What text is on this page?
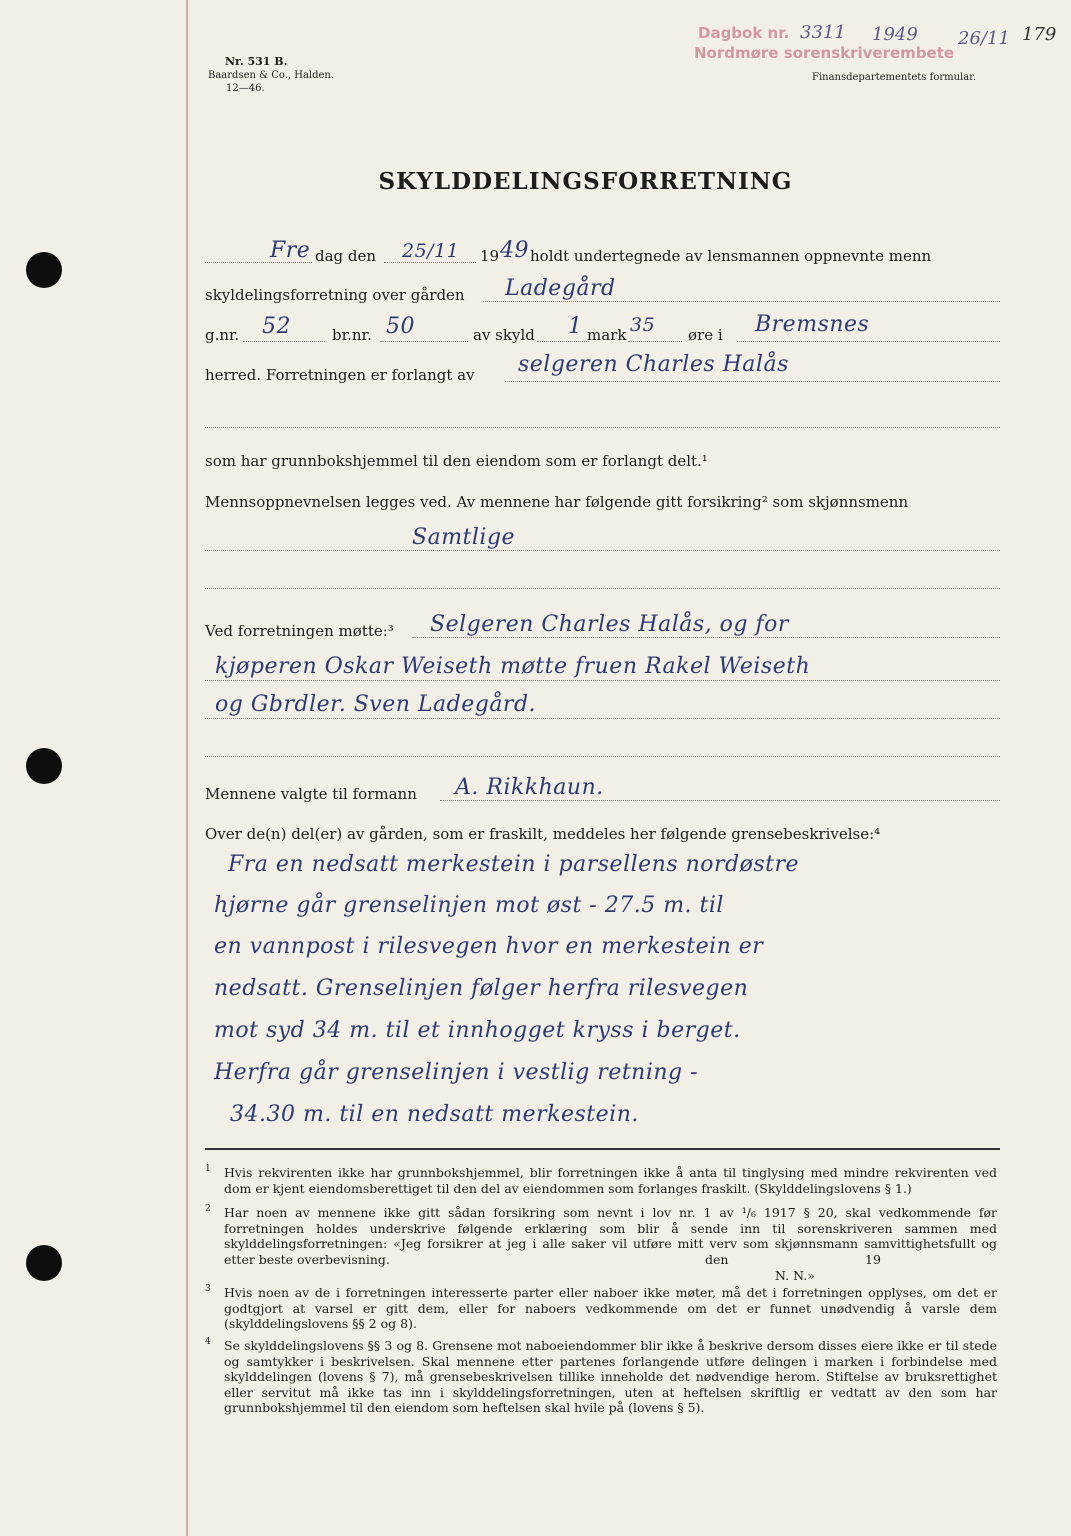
Nr. 531 B.
Baardsen & Co., Halden.
12—46.
Finansdepartementets formular.
Dagbok nr.
Nordmøre sorenskriverembete
3311 1949 26/11 179
SKYLDDELINGSFORRETNING
Fre dag den 25/11 19 49 holdt undertegnede av lensmannen oppnevnte menn
skyldelingsforretning over gården Ladegård
g.nr. 52	br.nr. 50	av skyld 1 mark 35 øre i Bremsnes
herred. Forretningen er forlangt av selgeren Charles Halås
som har grunnbokshjemmel til den eiendom som er forlangt delt.¹
Mennsoppnevnelsen legges ved. Av mennene har følgende gitt forsikring² som skjønnsmenn
Samtlige
Ved forretningen møtte:³ Selgeren Charles Halås, og for
kjøperen Oskar Weiseth møtte fruen Rakel Weiseth
og Gbrdler. Sven Ladegård.
Mennene valgte til formann A. Rikkhaun.
Over de(n) del(er) av gården, som er fraskilt, meddeles her følgende grensebeskrivelse:⁴
Fra en nedsatt merkestein i parsellens nordøstre
hjørne går grenselinjen mot øst - 27.5 m. til
en vannpost i rilesvegen hvor en merkestein er
nedsatt. Grenselinjen følger herfra rilesvegen
mot syd 34 m. til et innhogget kryss i berget.
Herfra går grenselinjen i vestlig retning -
34.30 m. til en nedsatt merkestein.
1 Hvis rekvirenten ikke har grunnbokshjemmel, blir forretningen ikke å anta til tinglysing med mindre rekvirenten ved dom er kjent eiendomsberettiget til den del av eiendommen som forlanges fraskilt. (Skylddelingslovens § 1.)
2 Har noen av mennene ikke gitt sådan forsikring som nevnt i lov nr. 1 av ¹/₆ 1917 § 20, skal vedkommende før forretningen holdes underskrive følgende erklæring som blir å sende inn til sorenskriveren sammen med skylddelingsforretningen: «Jeg forsikrer at jeg i alle saker vil utføre mitt verv som skjønnsmann samvittighetsfullt og etter beste overbevisning.	den	19
N. N.»
3 Hvis noen av de i forretningen interesserte parter eller naboer ikke møter, må det i forretningen opplyses, om det er godtgjort at varsel er gitt dem, eller for naboers vedkommende om det er funnet unødvendig å varsle dem (skylddelingslovens §§ 2 og 8).
4 Se skylddelingslovens §§ 3 og 8. Grensene mot naboeiendommer blir ikke å beskrive dersom disses eiere ikke er til stede og samtykker i beskrivelsen. Skal mennene etter partenes forlangende utføre delingen i marken i forbindelse med skylddelingen (lovens § 7), må grensebeskrivelsen tillike inneholde det nødvendige herom. Stiftelse av bruksrettighet eller servitut må ikke tas inn i skylddelingsforretningen, uten at heftelsen skriftlig er vedtatt av den som har grunnbokshjemmel til den eiendom som heftelsen skal hvile på (lovens § 5).
